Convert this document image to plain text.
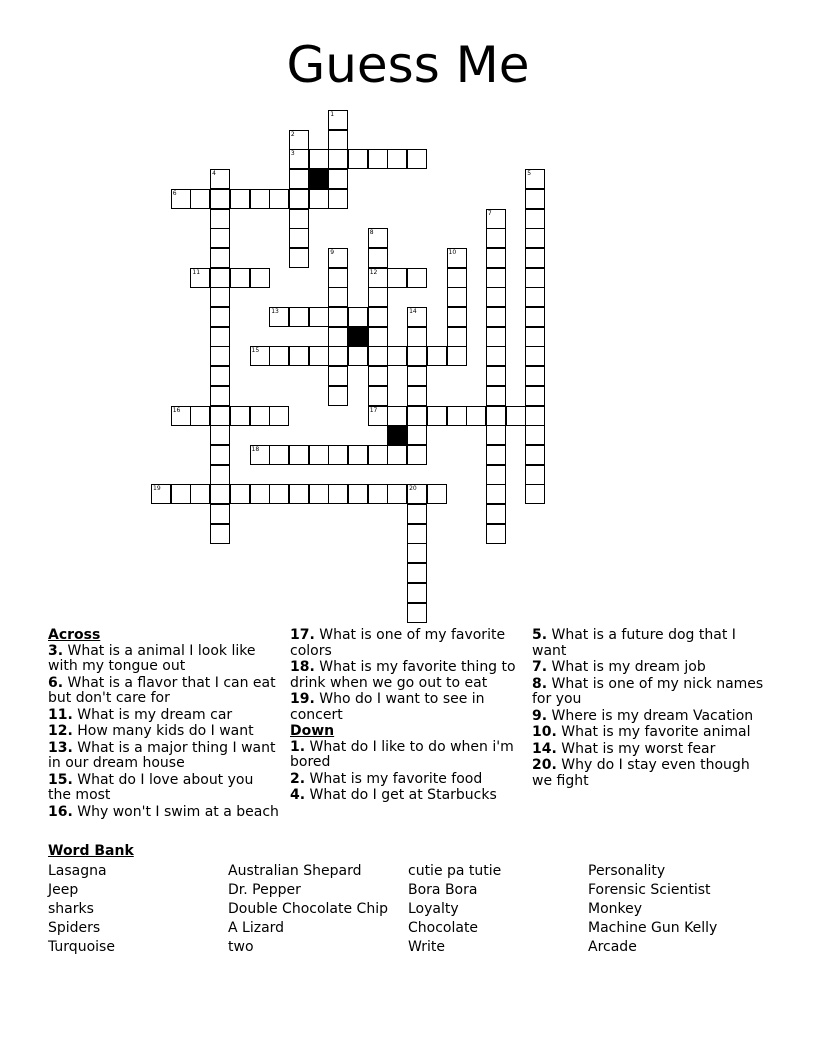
Guess Me
3
6
11	12
13
15
16	17
18
19	20
1
2
4	5
7
8
9	10
14
Across
3. What is a animal I look like with my tongue out
6. What is a flavor that I can eat but don't care for
11. What is my dream car
12. How many kids do I want
13. What is a major thing I want in our dream house
15. What do I love about you the most
16. Why won't I swim at a beach
17. What is one of my favorite colors
18. What is my favorite thing to drink when we go out to eat
19. Who do I want to see in concert
Down
1. What do I like to do when i'm bored
2. What is my favorite food
4. What do I get at Starbucks
5. What is a future dog that I want
7. What is my dream job
8. What is one of my nick names for you
9. Where is my dream Vacation
10. What is my favorite animal
14. What is my worst fear
20. Why do I stay even though we fight
Word Bank
Lasagna
Jeep
sharks
Spiders
Turquoise
Australian Shepard
Dr. Pepper
Double Chocolate Chip
A Lizard
two
cutie pa tutie
Bora Bora
Loyalty
Chocolate
Write
Personality
Forensic Scientist
Monkey
Machine Gun Kelly
Arcade
